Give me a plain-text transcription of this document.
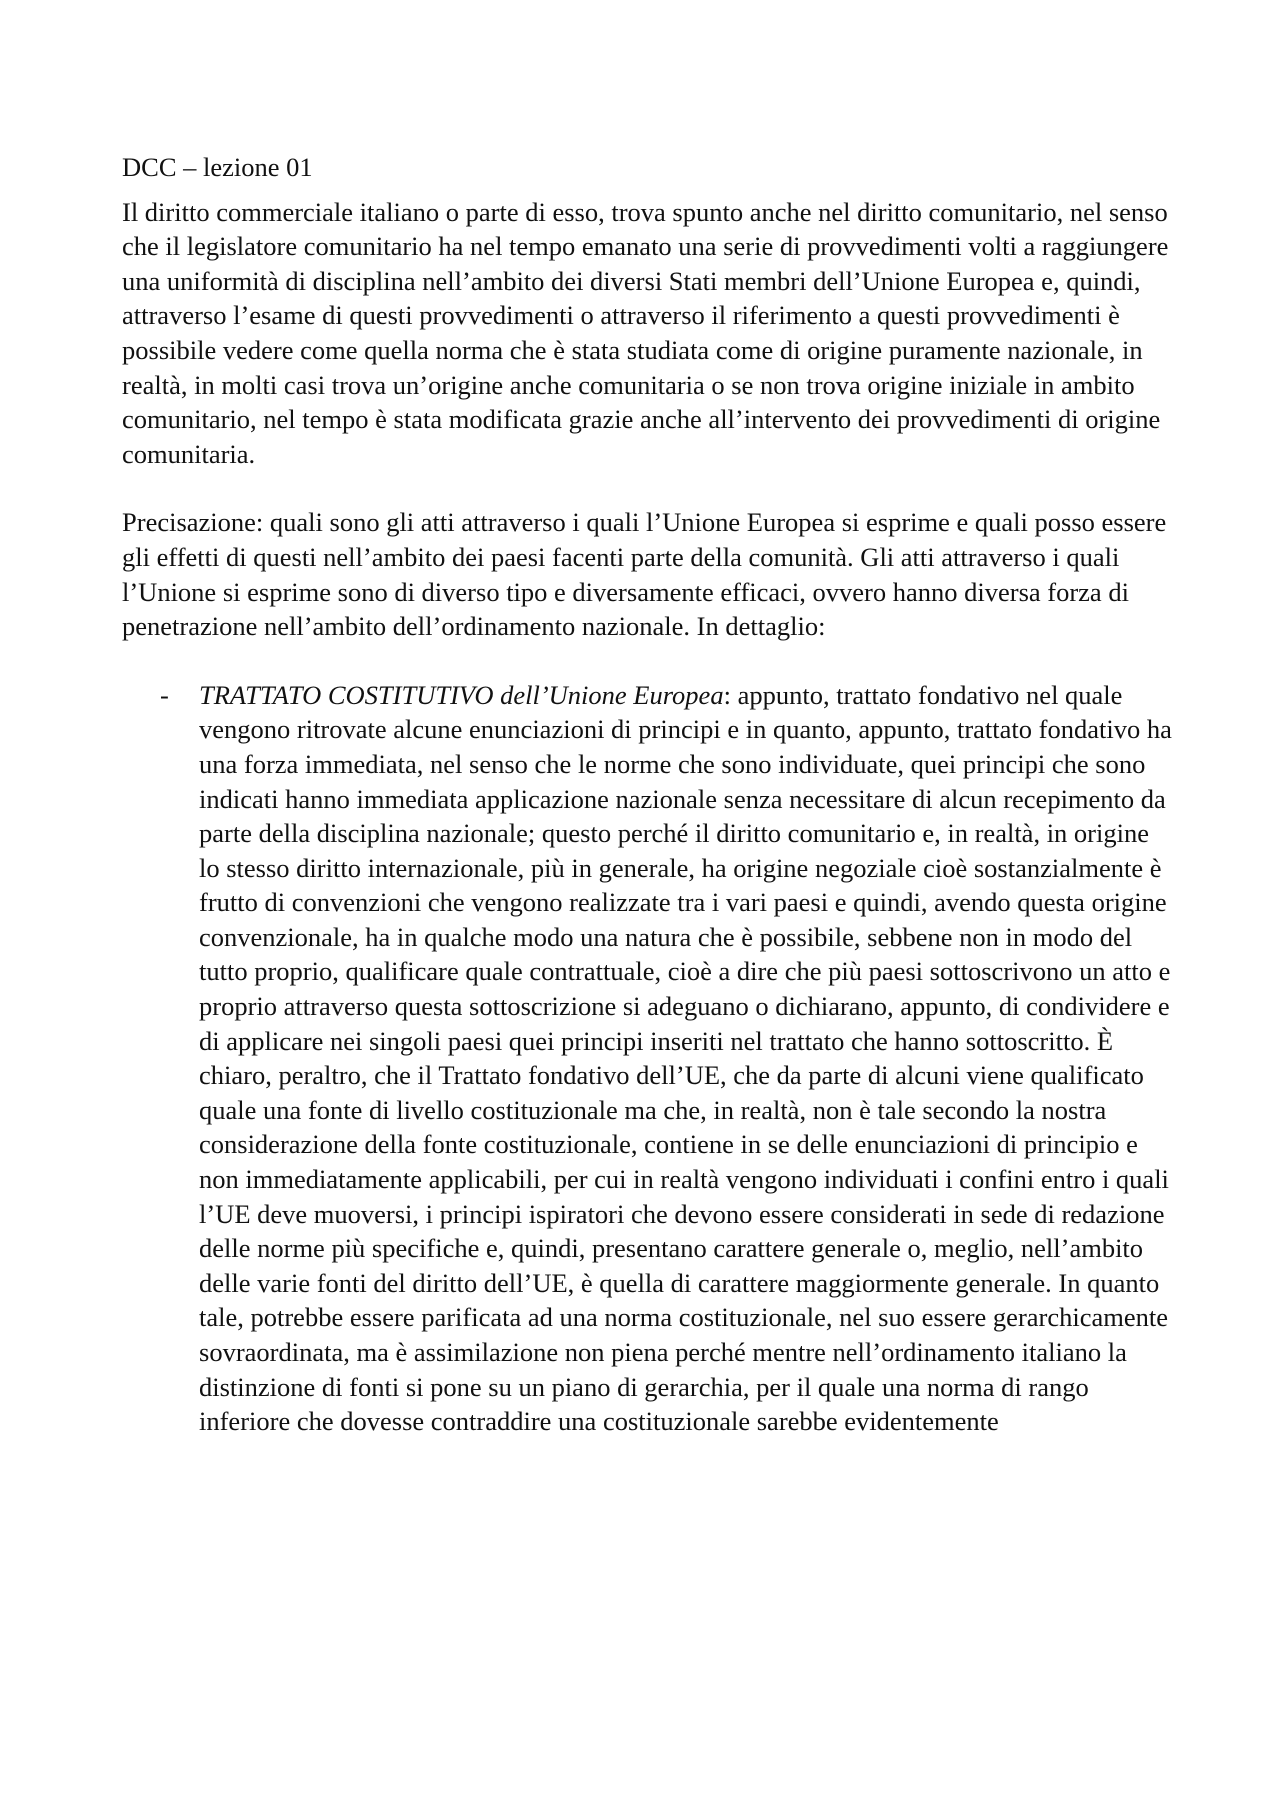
DCC – lezione 01

Il diritto commerciale italiano o parte di esso, trova spunto anche nel diritto comunitario, nel senso che il legislatore comunitario ha nel tempo emanato una serie di provvedimenti volti a raggiungere una uniformità di disciplina nell’ambito dei diversi Stati membri dell’Unione Europea e, quindi, attraverso l’esame di questi provvedimenti o attraverso il riferimento a questi provvedimenti è possibile vedere come quella norma che è stata studiata come di origine puramente nazionale, in realtà, in molti casi trova un’origine anche comunitaria o se non trova origine iniziale in ambito comunitario, nel tempo è stata modificata grazie anche all’intervento dei provvedimenti di origine comunitaria.

Precisazione: quali sono gli atti attraverso i quali l’Unione Europea si esprime e quali posso essere gli effetti di questi nell’ambito dei paesi facenti parte della comunità. Gli atti attraverso i quali l’Unione si esprime sono di diverso tipo e diversamente efficaci, ovvero hanno diversa forza di penetrazione nell’ambito dell’ordinamento nazionale. In dettaglio:

- TRATTATO COSTITUTIVO dell’Unione Europea: appunto, trattato fondativo nel quale vengono ritrovate alcune enunciazioni di principi e in quanto, appunto, trattato fondativo ha una forza immediata, nel senso che le norme che sono individuate, quei principi che sono indicati hanno immediata applicazione nazionale senza necessitare di alcun recepimento da parte della disciplina nazionale; questo perché il diritto comunitario e, in realtà, in origine lo stesso diritto internazionale, più in generale, ha origine negoziale cioè sostanzialmente è frutto di convenzioni che vengono realizzate tra i vari paesi e quindi, avendo questa origine convenzionale, ha in qualche modo una natura che è possibile, sebbene non in modo del tutto proprio, qualificare quale contrattuale, cioè a dire che più paesi sottoscrivono un atto e proprio attraverso questa sottoscrizione si adeguano o dichiarano, appunto, di condividere e di applicare nei singoli paesi quei principi inseriti nel trattato che hanno sottoscritto. È chiaro, peraltro, che il Trattato fondativo dell’UE, che da parte di alcuni viene qualificato quale una fonte di livello costituzionale ma che, in realtà, non è tale secondo la nostra considerazione della fonte costituzionale, contiene in se delle enunciazioni di principio e non immediatamente applicabili, per cui in realtà vengono individuati i confini entro i quali l’UE deve muoversi, i principi ispiratori che devono essere considerati in sede di redazione delle norme più specifiche e, quindi, presentano carattere generale o, meglio, nell’ambito delle varie fonti del diritto dell’UE, è quella di carattere maggiormente generale. In quanto tale, potrebbe essere parificata ad una norma costituzionale, nel suo essere gerarchicamente sovraordinata, ma è assimilazione non piena perché mentre nell’ordinamento italiano la distinzione di fonti si pone su un piano di gerarchia, per il quale una norma di rango inferiore che dovesse contraddire una costituzionale sarebbe evidentemente
